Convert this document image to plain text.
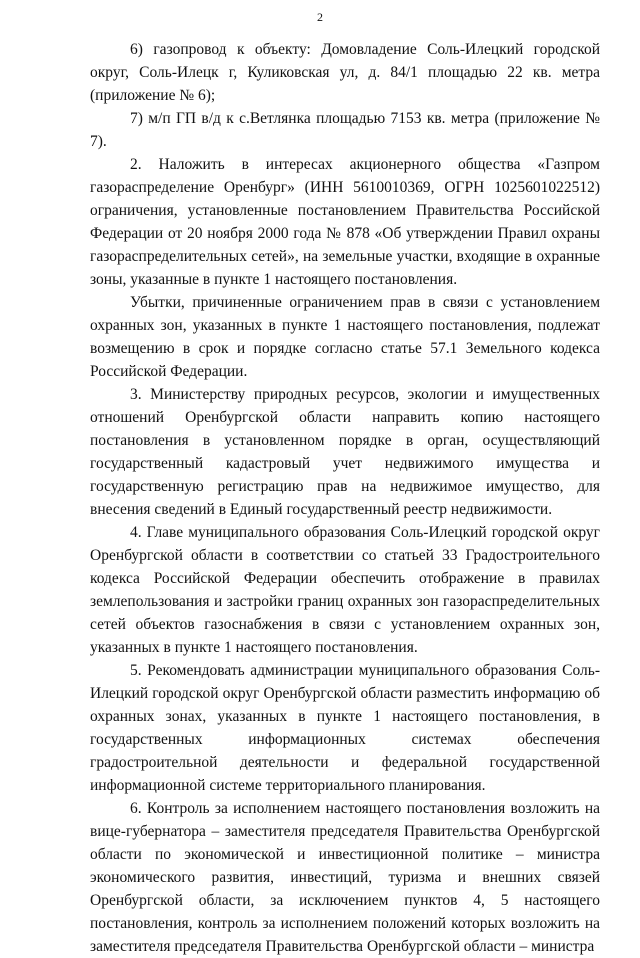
2

6) газопровод к объекту: Домовладение Соль-Илецкий городской округ, Соль-Илецк г, Куликовская ул, д. 84/1 площадью 22 кв. метра (приложение № 6);

7) м/п ГП в/д к с.Ветлянка площадью 7153 кв. метра (приложение № 7).

2. Наложить в интересах акционерного общества «Газпром газораспределение Оренбург» (ИНН 5610010369, ОГРН 1025601022512) ограничения, установленные постановлением Правительства Российской Федерации от 20 ноября 2000 года № 878 «Об утверждении Правил охраны газораспределительных сетей», на земельные участки, входящие в охранные зоны, указанные в пункте 1 настоящего постановления.

Убытки, причиненные ограничением прав в связи с установлением охранных зон, указанных в пункте 1 настоящего постановления, подлежат возмещению в срок и порядке согласно статье 57.1 Земельного кодекса Российской Федерации.

3. Министерству природных ресурсов, экологии и имущественных отношений Оренбургской области направить копию настоящего постановления в установленном порядке в орган, осуществляющий государственный кадастровый учет недвижимого имущества и государственную регистрацию прав на недвижимое имущество, для внесения сведений в Единый государственный реестр недвижимости.

4. Главе муниципального образования Соль-Илецкий городской округ Оренбургской области в соответствии со статьей 33 Градостроительного кодекса Российской Федерации обеспечить отображение в правилах землепользования и застройки границ охранных зон газораспределительных сетей объектов газоснабжения в связи с установлением охранных зон, указанных в пункте 1 настоящего постановления.

5. Рекомендовать администрации муниципального образования Соль-Илецкий городской округ Оренбургской области разместить информацию об охранных зонах, указанных в пункте 1 настоящего постановления, в государственных информационных системах обеспечения градостроительной деятельности и федеральной государственной информационной системе территориального планирования.

6. Контроль за исполнением настоящего постановления возложить на вице-губернатора – заместителя председателя Правительства Оренбургской области по экономической и инвестиционной политике – министра экономического развития, инвестиций, туризма и внешних связей Оренбургской области, за исключением пунктов 4, 5 настоящего постановления, контроль за исполнением положений которых возложить на заместителя председателя Правительства Оренбургской области – министра
